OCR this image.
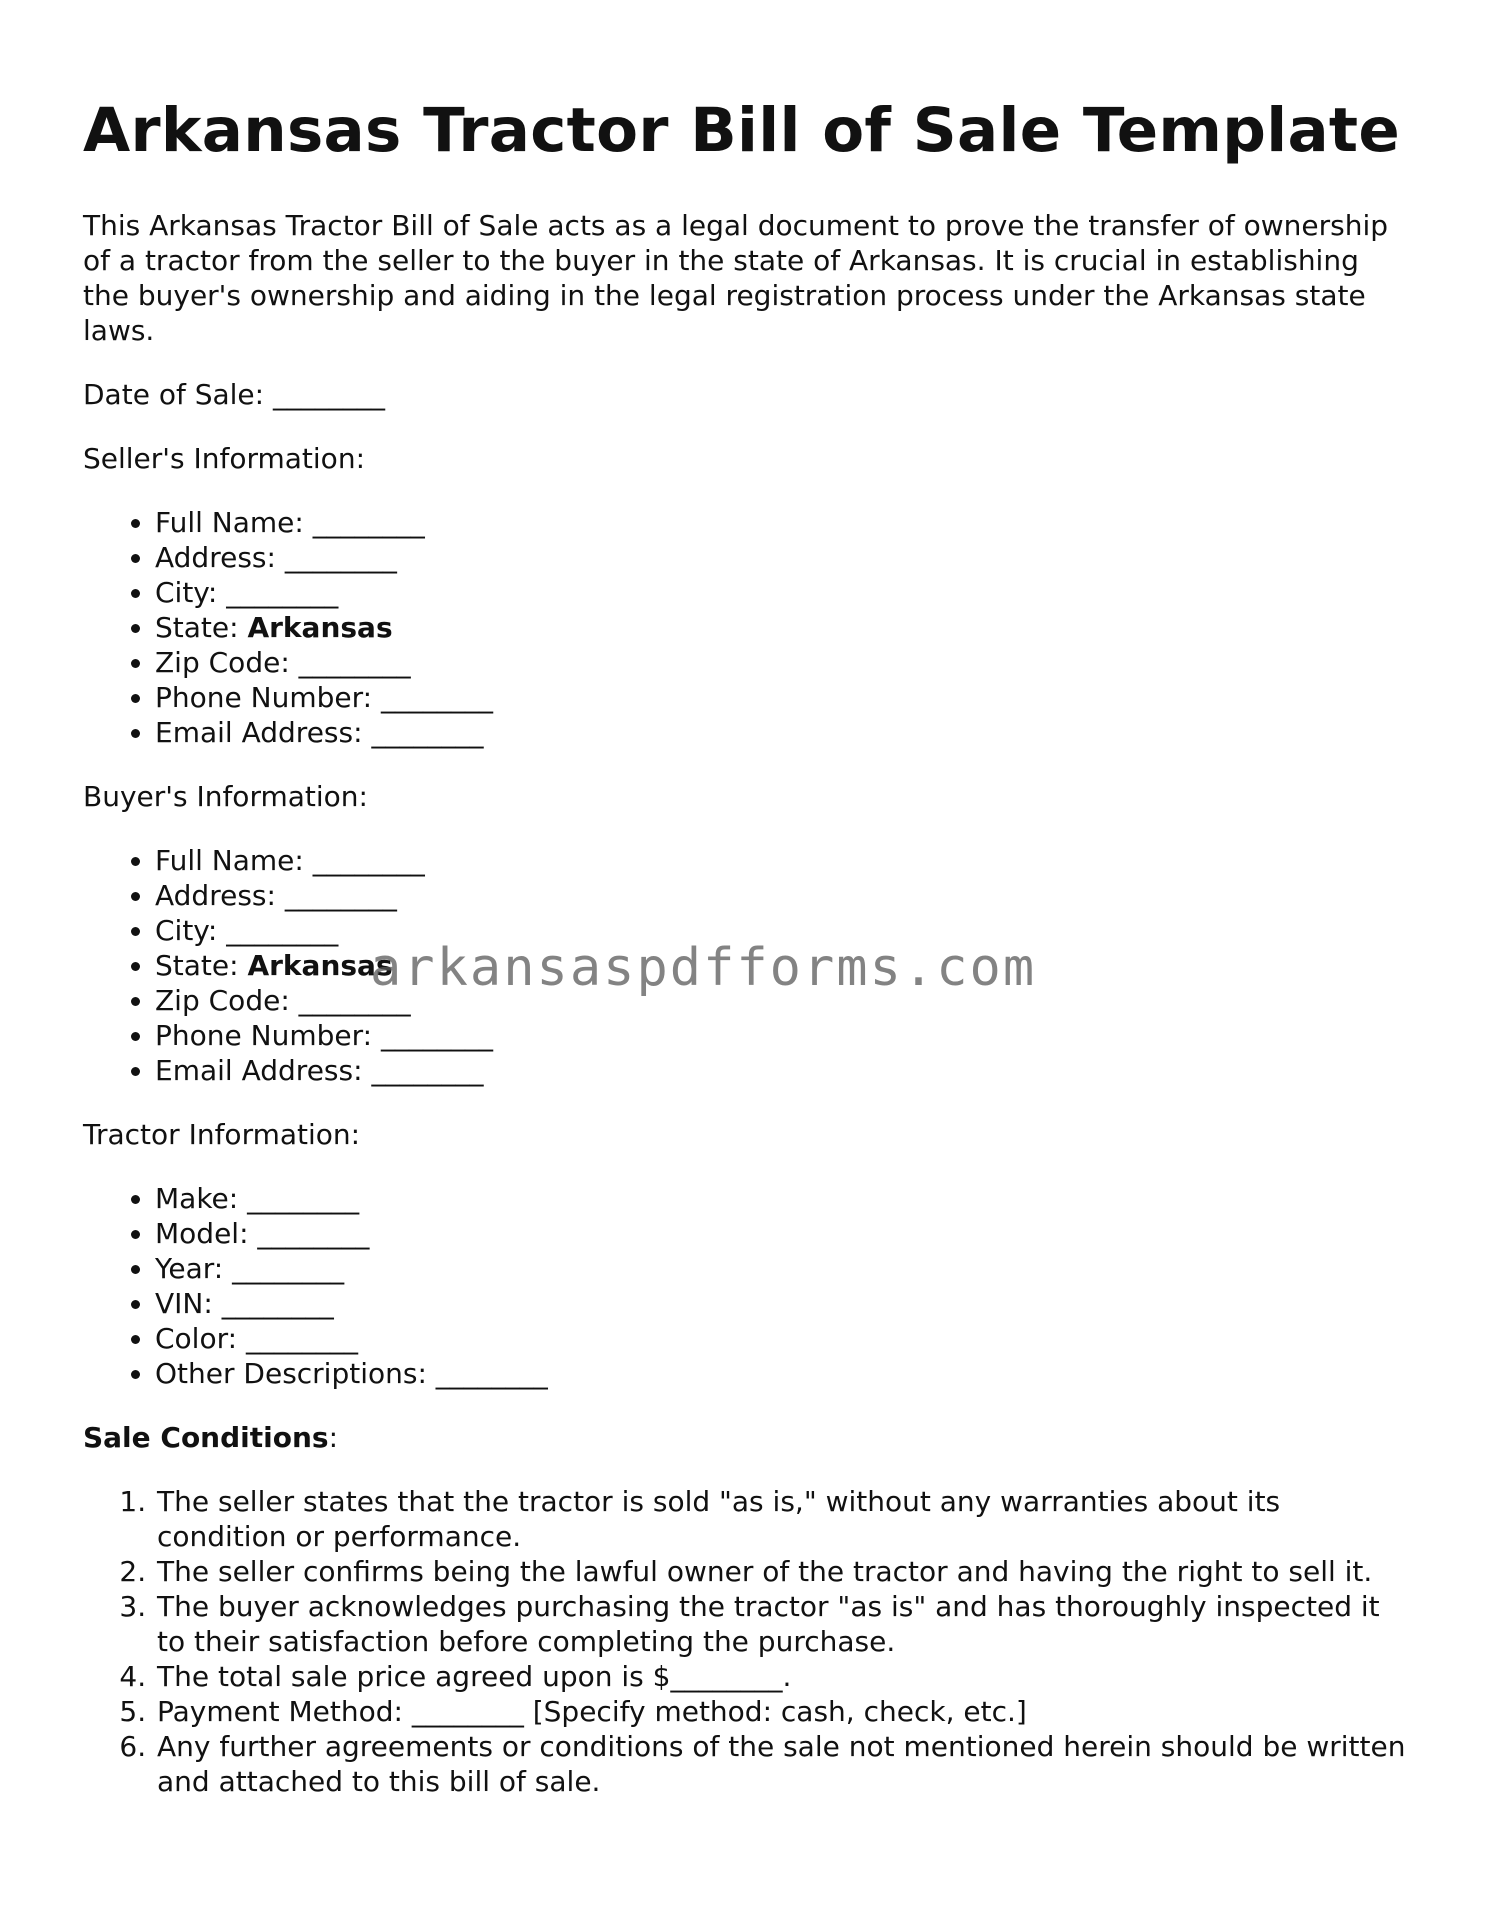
Arkansas Tractor Bill of Sale Template

This Arkansas Tractor Bill of Sale acts as a legal document to prove the transfer of ownership of a tractor from the seller to the buyer in the state of Arkansas. It is crucial in establishing the buyer's ownership and aiding in the legal registration process under the Arkansas state laws.

Date of Sale: ________

Seller's Information:

• Full Name: ________
• Address: ________
• City: ________
• State: Arkansas
• Zip Code: ________
• Phone Number: ________
• Email Address: ________

Buyer's Information:

• Full Name: ________
• Address: ________
• City: ________
• State: Arkansas
• Zip Code: ________
• Phone Number: ________
• Email Address: ________

Tractor Information:

• Make: ________
• Model: ________
• Year: ________
• VIN: ________
• Color: ________
• Other Descriptions: ________

Sale Conditions:

1. The seller states that the tractor is sold "as is," without any warranties about its condition or performance.
2. The seller confirms being the lawful owner of the tractor and having the right to sell it.
3. The buyer acknowledges purchasing the tractor "as is" and has thoroughly inspected it to their satisfaction before completing the purchase.
4. The total sale price agreed upon is $________.
5. Payment Method: ________ [Specify method: cash, check, etc.]
6. Any further agreements or conditions of the sale not mentioned herein should be written and attached to this bill of sale.
arkansaspdfforms.com
